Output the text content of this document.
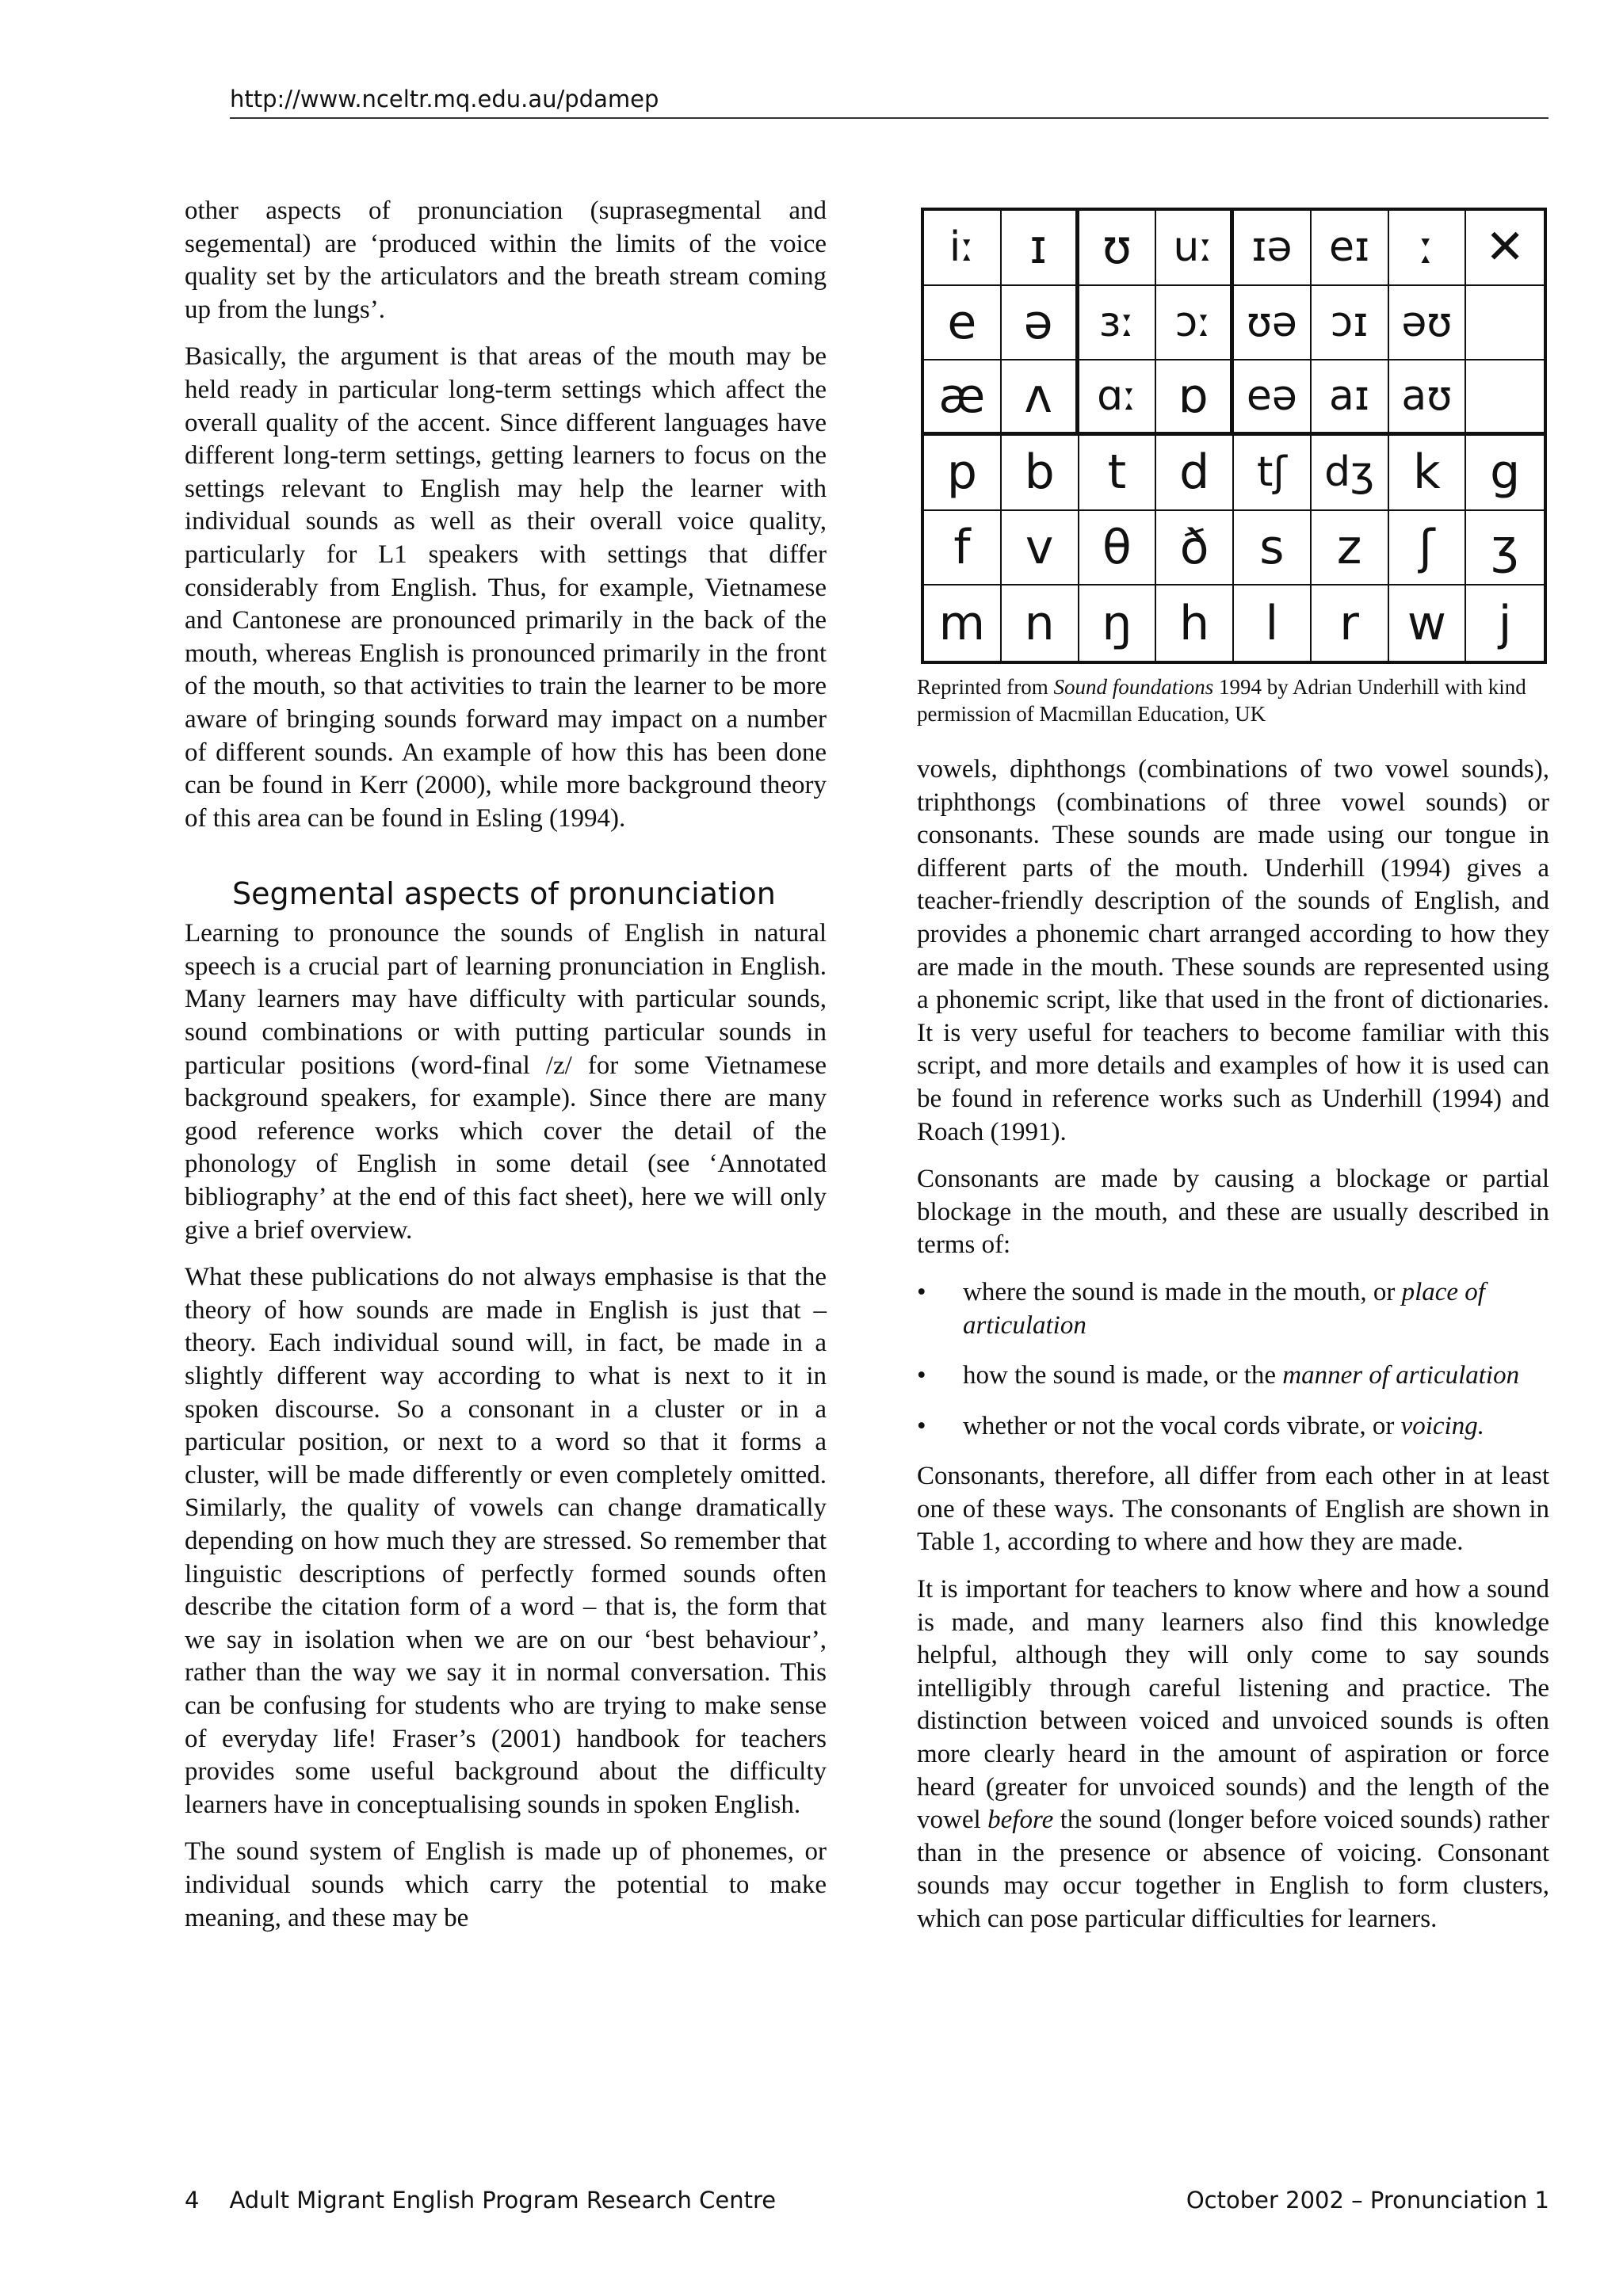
http://www.nceltr.mq.edu.au/pdamep

other aspects of pronunciation (suprasegmental and segemental) are ‘produced within the limits of the voice quality set by the articulators and the breath stream coming up from the lungs’.

Basically, the argument is that areas of the mouth may be held ready in particular long-term settings which affect the overall quality of the accent. Since different languages have different long-term settings, getting learners to focus on the settings relevant to English may help the learner with individual sounds as well as their overall voice quality, particularly for L1 speakers with settings that differ considerably from English. Thus, for example, Vietnamese and Cantonese are pronounced primarily in the back of the mouth, whereas English is pronounced primarily in the front of the mouth, so that activities to train the learner to be more aware of bringing sounds forward may impact on a number of different sounds. An example of how this has been done can be found in Kerr (2000), while more background theory of this area can be found in Esling (1994).

Segmental aspects of pronunciation

Learning to pronounce the sounds of English in natural speech is a crucial part of learning pronunciation in English. Many learners may have difficulty with particular sounds, sound combinations or with putting particular sounds in particular positions (word-final /z/ for some Vietnamese background speakers, for example). Since there are many good reference works which cover the detail of the phonology of English in some detail (see ‘Annotated bibliography’ at the end of this fact sheet), here we will only give a brief overview.

What these publications do not always emphasise is that the theory of how sounds are made in English is just that – theory. Each individual sound will, in fact, be made in a slightly different way according to what is next to it in spoken discourse. So a consonant in a cluster or in a particular position, or next to a word so that it forms a cluster, will be made differently or even completely omitted. Similarly, the quality of vowels can change dramatically depending on how much they are stressed. So remember that linguistic descriptions of perfectly formed sounds often describe the citation form of a word – that is, the form that we say in isolation when we are on our ‘best behaviour’, rather than the way we say it in normal conversation. This can be confusing for students who are trying to make sense of everyday life! Fraser’s (2001) handbook for teachers provides some useful background about the difficulty learners have in conceptualising sounds in spoken English.

The sound system of English is made up of phonemes, or individual sounds which carry the potential to make meaning, and these may be

iː	ɪ	ʊ	uː ɪə eɪ	ː	✕
e ə	ɜː ɔː ʊə ɔɪ əʊ
æ ʌ	ɑː ɒ eə aɪ aʊ
p b	t	d	tʃ dʒ k	g
f	v	θ	ð	s	z	ʃ	ʒ
m n ŋ h	l	r	w	j
Reprinted from Sound foundations 1994 by Adrian Underhill with kind permission of Macmillan Education, UK

vowels, diphthongs (combinations of two vowel sounds), triphthongs (combinations of three vowel sounds) or consonants. These sounds are made using our tongue in different parts of the mouth. Underhill (1994) gives a teacher-friendly description of the sounds of English, and provides a phonemic chart arranged according to how they are made in the mouth. These sounds are represented using a phonemic script, like that used in the front of dictionaries. It is very useful for teachers to become familiar with this script, and more details and examples of how it is used can be found in reference works such as Underhill (1994) and Roach (1991).

Consonants are made by causing a blockage or partial blockage in the mouth, and these are usually described in terms of:

• where the sound is made in the mouth, or place of articulation
• how the sound is made, or the manner of articulation
• whether or not the vocal cords vibrate, or voicing.

Consonants, therefore, all differ from each other in at least one of these ways. The consonants of English are shown in Table 1, according to where and how they are made.

It is important for teachers to know where and how a sound is made, and many learners also find this knowledge helpful, although they will only come to say sounds intelligibly through careful listening and practice. The distinction between voiced and unvoiced sounds is often more clearly heard in the amount of aspiration or force heard (greater for unvoiced sounds) and the length of the vowel before the sound (longer before voiced sounds) rather than in the presence or absence of voicing. Consonant sounds may occur together in English to form clusters, which can pose particular difficulties for learners.

4 Adult Migrant English Program Research Centre	October 2002 – Pronunciation 1
